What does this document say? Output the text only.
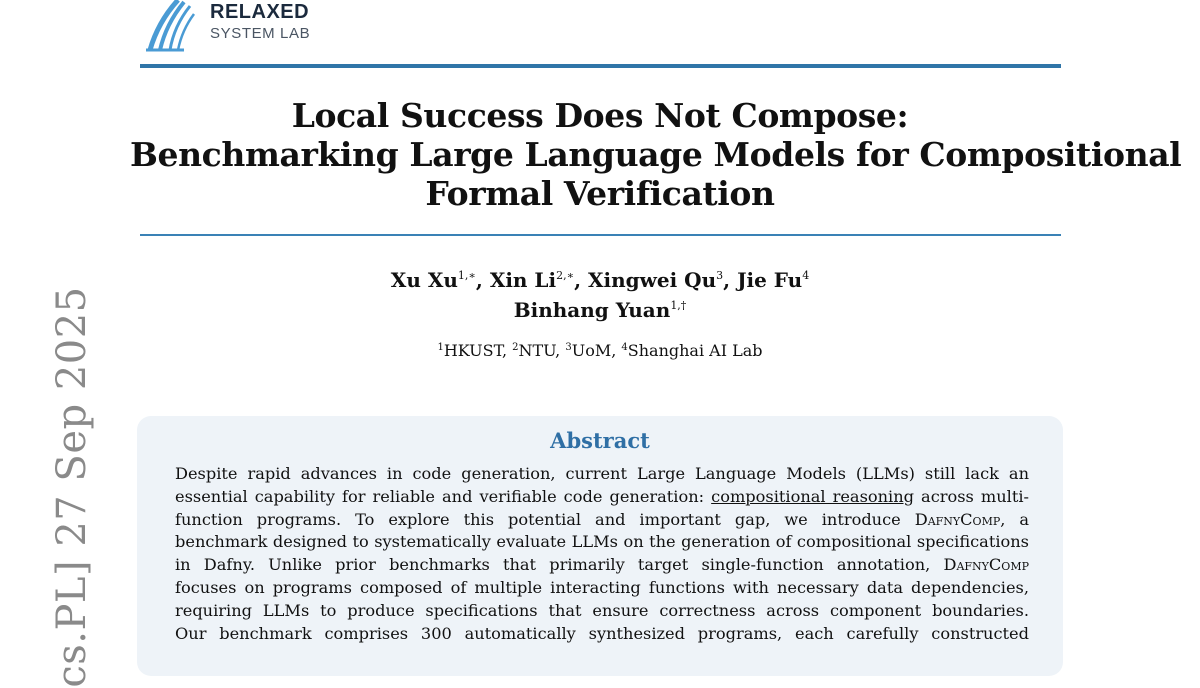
RELAXED
SYSTEM LAB
Local Success Does Not Compose:
Benchmarking Large Language Models for Compositional
Formal Verification
Xu $Xu^{1,∗}$, Xin $Li^{2,∗}$, Xingwei Qu$^3$, Jie Fu$^4$
Binhang Yuan$^{1,\dagger}$
$^1$HKUST, $^2$NTU, $^3$UoM, $^4$Shanghai AI Lab
cs.PL] 27 Sep 2025	Abstract
Despite rapid advances in code generation, current Large Language Models (LLMs) still lack an
essential capability for reliable and verifiable code generation: compositional reasoning across multi-
function programs. To explore this potential and important gap, we introduce DafnyComp, a
benchmark designed to systematically evaluate LLMs on the generation of compositional specifications
in Dafny. Unlike prior benchmarks that primarily target single-function annotation, DafnyComp
focuses on programs composed of multiple interacting functions with necessary data dependencies,
requiring LLMs to produce specifications that ensure correctness across component boundaries.
Our benchmark comprises 300 automatically synthesized programs, each carefully constructed
